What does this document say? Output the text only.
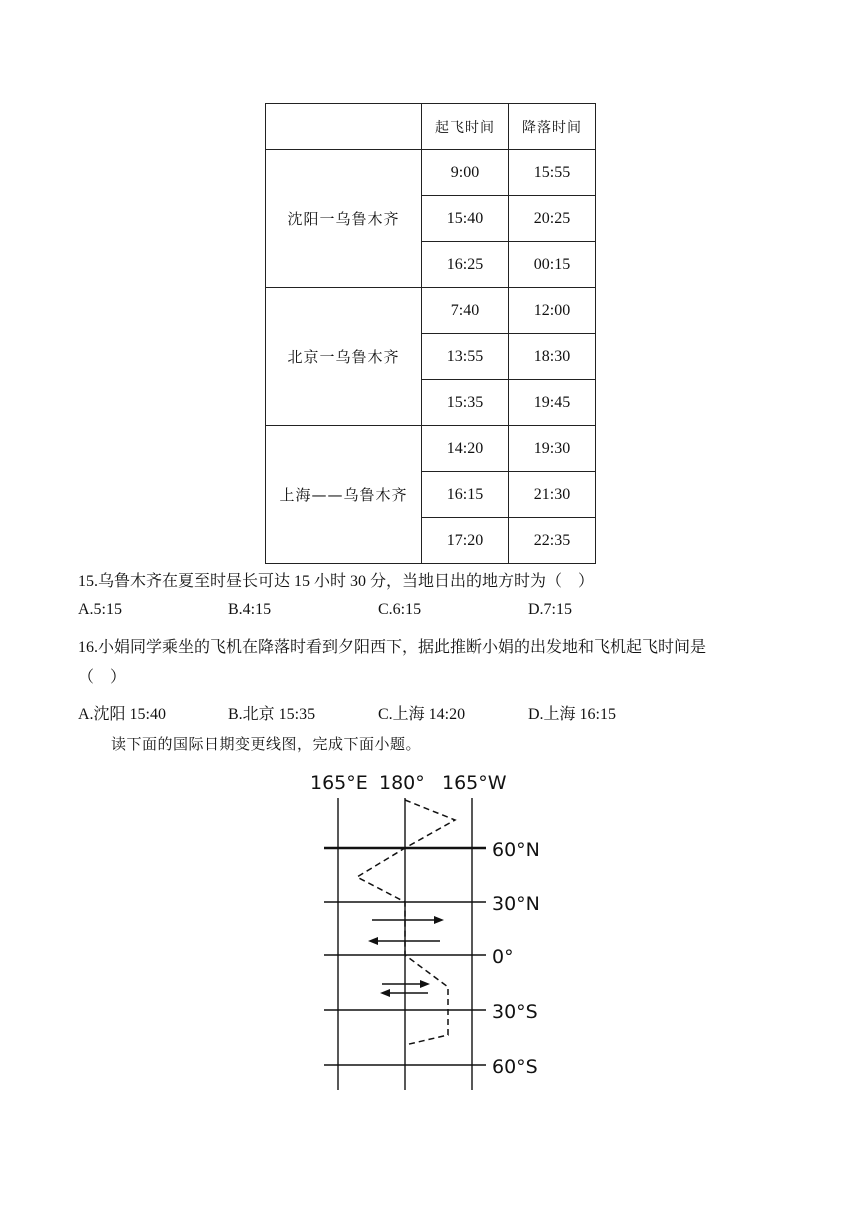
	起飞时间	降落时间
沈阳一乌鲁木齐	9:00	15:55
	15:40	20:25
	16:25	00:15
北京一乌鲁木齐	7:40	12:00
	13:55	18:30
	15:35	19:45
上海——乌鲁木齐	14:20	19:30
	16:15	21:30
	17:20	22:35
15.乌鲁木齐在夏至时昼长可达 15 小时 30 分，当地日出的地方时为（　）
A.5:15	B.4:15	C.6:15	D.7:15
16.小娟同学乘坐的飞机在降落时看到夕阳西下，据此推断小娟的出发地和飞机起飞时间是
（　）
A.沈阳 15:40	B.北京 15:35	C.上海 14:20	D.上海 16:15
读下面的国际日期变更线图，完成下面小题。
165°E 180° 165°W
60°N
30°N
0°
30°S
60°S
